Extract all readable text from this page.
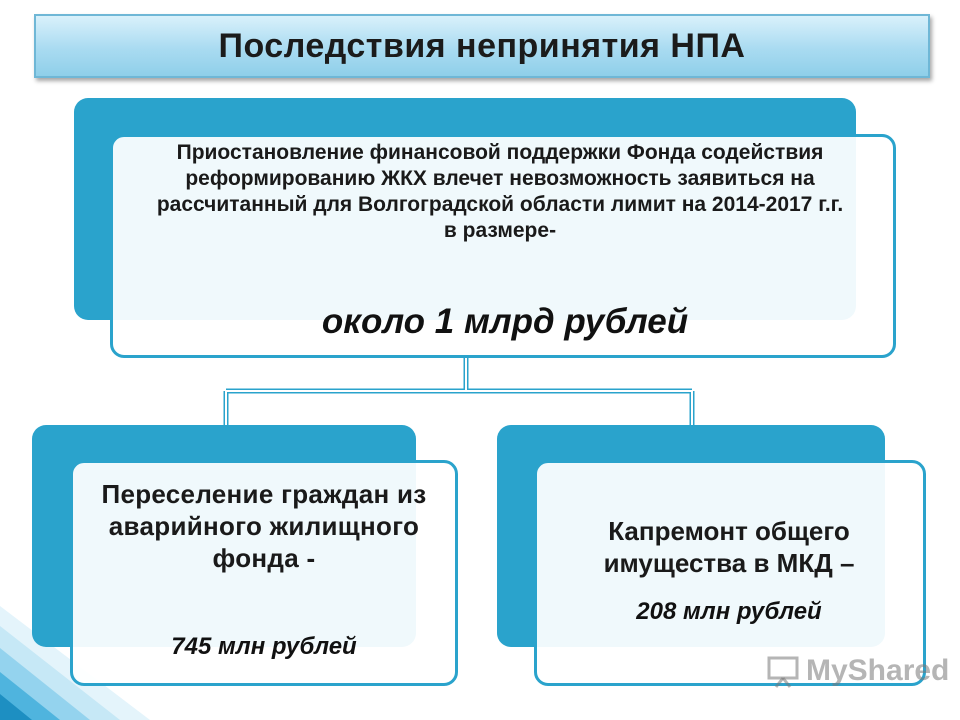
Последствия непринятия НПА
Приостановление финансовой поддержки Фонда содействия реформированию ЖКХ влечет невозможность заявиться на рассчитанный для Волгоградской области лимит на 2014-2017 г.г. в размере-
около 1 млрд рублей
Переселение граждан из аварийного жилищного фонда -
745 млн рублей
Капремонт общего имущества в МКД –
208 млн рублей
MyShared
